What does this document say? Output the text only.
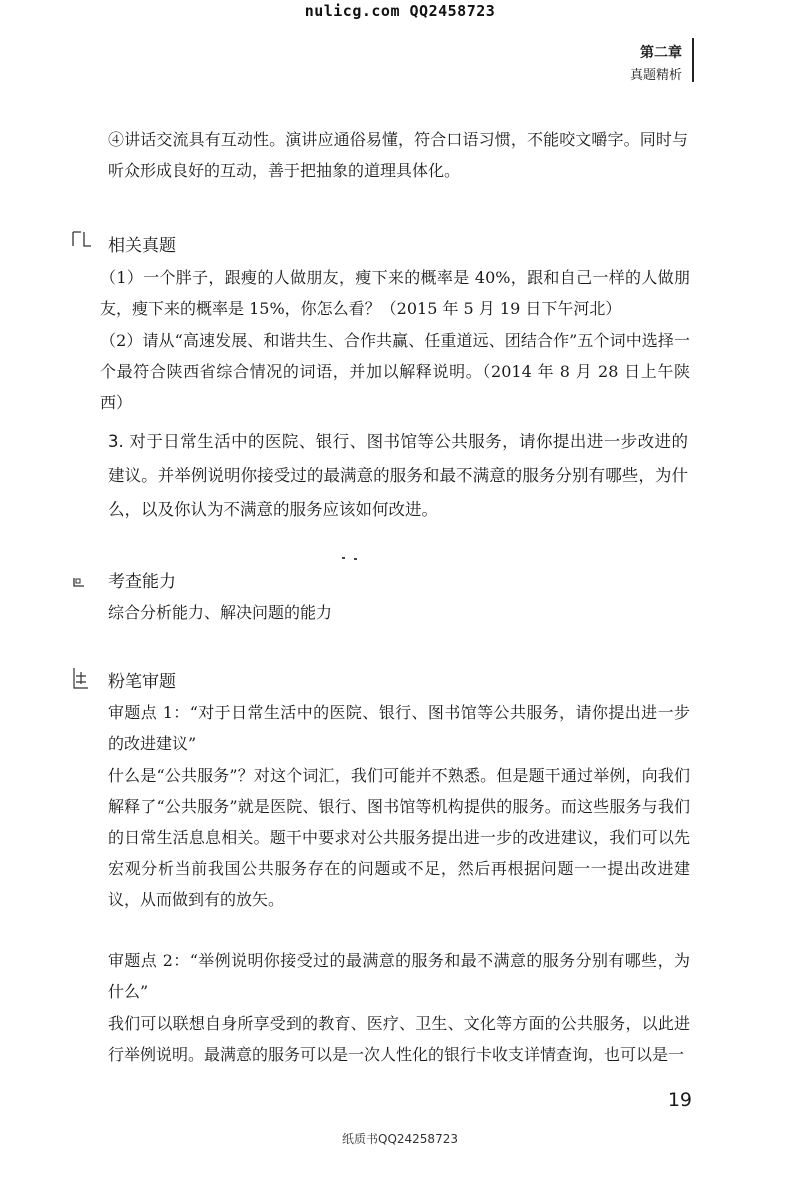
nulicg.com QQ2458723
第二章
真题精析
④讲话交流具有互动性。演讲应通俗易懂，符合口语习惯，不能咬文嚼字。同时与听众形成良好的互动，善于把抽象的道理具体化。
相关真题
（1）一个胖子，跟瘦的人做朋友，瘦下来的概率是 40%，跟和自己一样的人做朋友，瘦下来的概率是 15%，你怎么看？（2015 年 5 月 19 日下午河北）
（2）请从“高速发展、和谐共生、合作共赢、任重道远、团结合作”五个词中选择一个最符合陕西省综合情况的词语，并加以解释说明。（2014 年 8 月 28 日上午陕西）
3. 对于日常生活中的医院、银行、图书馆等公共服务，请你提出进一步改进的建议。并举例说明你接受过的最满意的服务和最不满意的服务分别有哪些，为什么，以及你认为不满意的服务应该如何改进。
考查能力
综合分析能力、解决问题的能力
粉笔审题
审题点 1：“对于日常生活中的医院、银行、图书馆等公共服务，请你提出进一步的改进建议”
什么是“公共服务”？对这个词汇，我们可能并不熟悉。但是题干通过举例，向我们解释了“公共服务”就是医院、银行、图书馆等机构提供的服务。而这些服务与我们的日常生活息息相关。题干中要求对公共服务提出进一步的改进建议，我们可以先宏观分析当前我国公共服务存在的问题或不足，然后再根据问题一一提出改进建议，从而做到有的放矢。
审题点 2：“举例说明你接受过的最满意的服务和最不满意的服务分别有哪些，为什么”
我们可以联想自身所享受到的教育、医疗、卫生、文化等方面的公共服务，以此进行举例说明。最满意的服务可以是一次人性化的银行卡收支详情查询，也可以是一
19
纸质书QQ24258723
